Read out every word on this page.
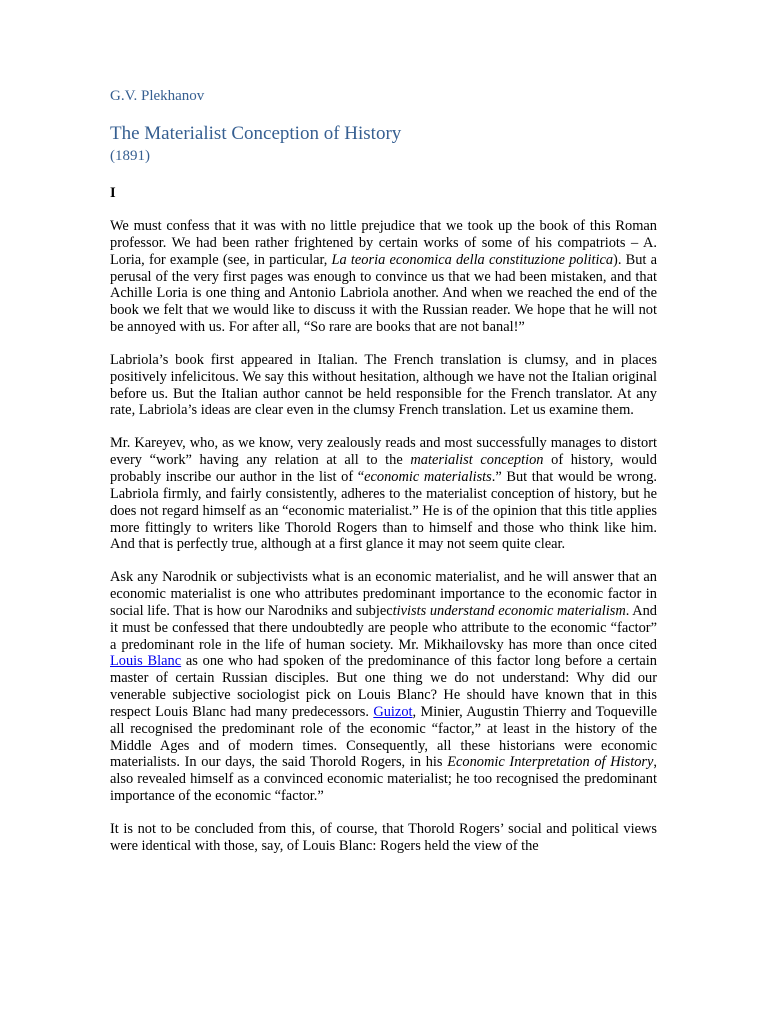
G.V. Plekhanov

The Materialist Conception of History

(1891)

I

We must confess that it was with no little prejudice that we took up the book of this Roman professor. We had been rather frightened by certain works of some of his compatriots – A. Loria, for example (see, in particular, La teoria economica della constituzione politica). But a perusal of the very first pages was enough to convince us that we had been mistaken, and that Achille Loria is one thing and Antonio Labriola another. And when we reached the end of the book we felt that we would like to discuss it with the Russian reader. We hope that he will not be annoyed with us. For after all, “So rare are books that are not banal!”

Labriola’s book first appeared in Italian. The French translation is clumsy, and in places positively infelicitous. We say this without hesitation, although we have not the Italian original before us. But the Italian author cannot be held responsible for the French translator. At any rate, Labriola’s ideas are clear even in the clumsy French translation. Let us examine them.

Mr. Kareyev, who, as we know, very zealously reads and most successfully manages to distort every “work” having any relation at all to the materialist conception of history, would probably inscribe our author in the list of “economic materialists.” But that would be wrong. Labriola firmly, and fairly consistently, adheres to the materialist conception of history, but he does not regard himself as an “economic materialist.” He is of the opinion that this title applies more fittingly to writers like Thorold Rogers than to himself and those who think like him. And that is perfectly true, although at a first glance it may not seem quite clear.

Ask any Narodnik or subjectivists what is an economic materialist, and he will answer that an economic materialist is one who attributes predominant importance to the economic factor in social life. That is how our Narodniks and subjectivists understand economic materialism. And it must be confessed that there undoubtedly are people who attribute to the economic “factor” a predominant role in the life of human society. Mr. Mikhailovsky has more than once cited Louis Blanc as one who had spoken of the predominance of this factor long before a certain master of certain Russian disciples. But one thing we do not understand: Why did our venerable subjective sociologist pick on Louis Blanc? He should have known that in this respect Louis Blanc had many predecessors. Guizot, Minier, Augustin Thierry and Toqueville all recognised the predominant role of the economic “factor,” at least in the history of the Middle Ages and of modern times. Consequently, all these historians were economic materialists. In our days, the said Thorold Rogers, in his Economic Interpretation of History, also revealed himself as a convinced economic materialist; he too recognised the predominant importance of the economic “factor.”

It is not to be concluded from this, of course, that Thorold Rogers’ social and political views were identical with those, say, of Louis Blanc: Rogers held the view of the
